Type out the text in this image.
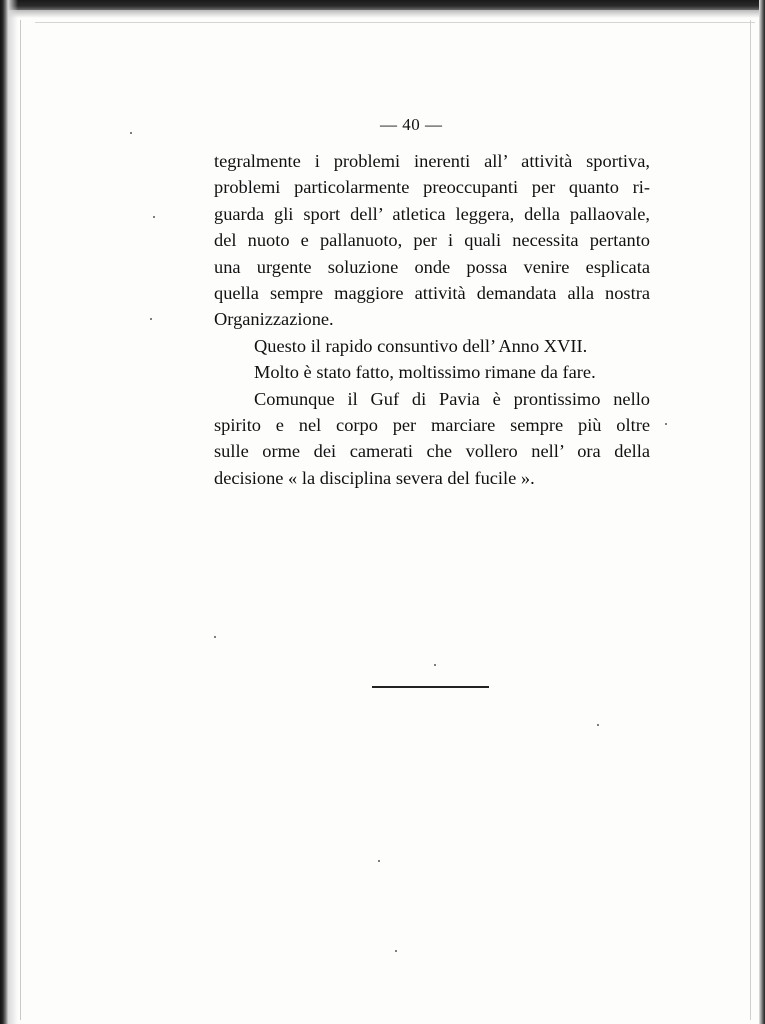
— 40 —
tegralmente i problemi inerenti all’ attività sportiva,
problemi particolarmente preoccupanti per quanto ri-
guarda gli sport dell’ atletica leggera, della pallaovale,
del nuoto e pallanuoto, per i quali necessita pertanto
una urgente soluzione onde possa venire esplicata
quella sempre maggiore attività demandata alla nostra
Organizzazione.
Questo il rapido consuntivo dell’ Anno XVII.
Molto è stato fatto, moltissimo rimane da fare.
Comunque il Guf di Pavia è prontissimo nello
spirito e nel corpo per marciare sempre più oltre
sulle orme dei camerati che vollero nell’ ora della
decisione « la disciplina severa del fucile ».
